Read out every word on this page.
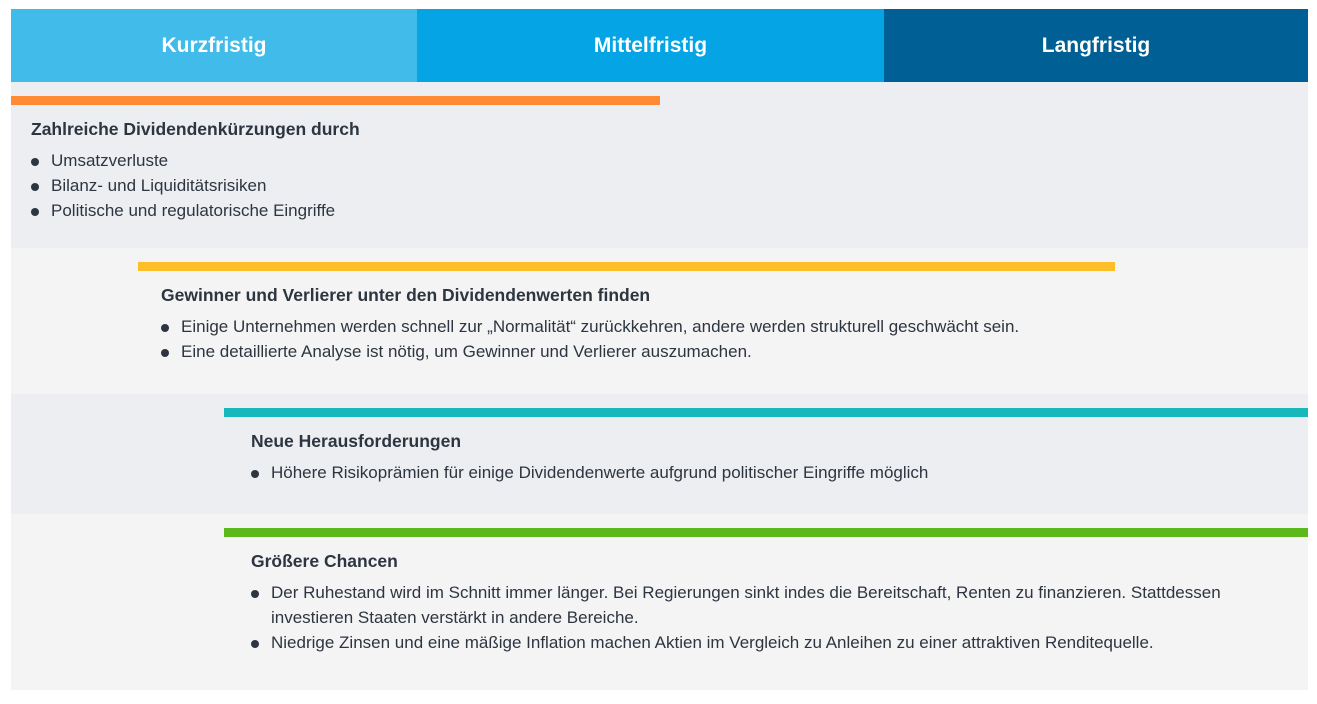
Kurzfristig	Mittelfristig	Langfristig
Zahlreiche Dividendenkürzungen durch
Umsatzverluste
Bilanz- und Liquiditätsrisiken
Politische und regulatorische Eingriffe
Gewinner und Verlierer unter den Dividendenwerten finden
Einige Unternehmen werden schnell zur „Normalität“ zurückkehren, andere werden strukturell geschwächt sein.
Eine detaillierte Analyse ist nötig, um Gewinner und Verlierer auszumachen.
Neue Herausforderungen
Höhere Risikoprämien für einige Dividendenwerte aufgrund politischer Eingriffe möglich
Größere Chancen
Der Ruhestand wird im Schnitt immer länger. Bei Regierungen sinkt indes die Bereitschaft, Renten zu finanzieren. Stattdessen investieren Staaten verstärkt in andere Bereiche.
Niedrige Zinsen und eine mäßige Inflation machen Aktien im Vergleich zu Anleihen zu einer attraktiven Renditequelle.
